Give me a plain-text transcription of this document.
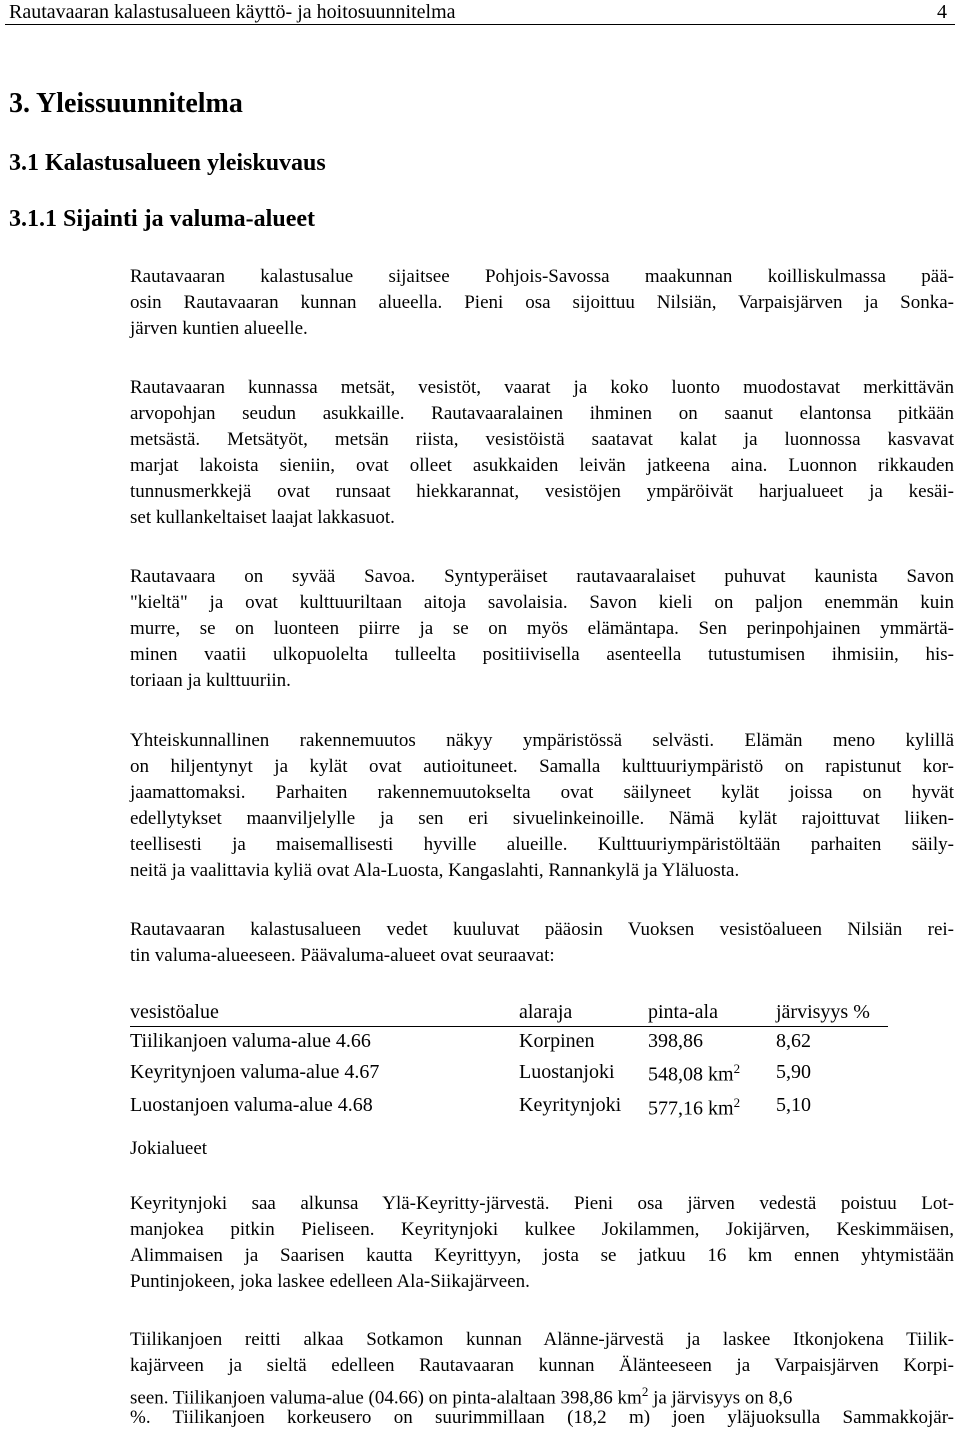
Rautavaaran kalastusalueen käyttö- ja hoitosuunnitelma	4
3. Yleissuunnitelma
3.1 Kalastusalueen yleiskuvaus
3.1.1 Sijainti ja valuma-alueet
Rautavaaran kalastusalue sijaitsee Pohjois-Savossa maakunnan koilliskulmassa pää-
osin Rautavaaran kunnan alueella. Pieni osa sijoittuu Nilsiän, Varpaisjärven ja Sonka-
järven kuntien alueelle.
Rautavaaran kunnassa metsät, vesistöt, vaarat ja koko luonto muodostavat merkittävän
arvopohjan seudun asukkaille. Rautavaaralainen ihminen on saanut elantonsa pitkään
metsästä. Metsätyöt, metsän riista, vesistöistä saatavat kalat ja luonnossa kasvavat
marjat lakoista sieniin, ovat olleet asukkaiden leivän jatkeena aina. Luonnon rikkauden
tunnusmerkkejä ovat runsaat hiekkarannat, vesistöjen ympäröivät harjualueet ja kesäi-
set kullankeltaiset laajat lakkasuot.
Rautavaara on syvää Savoa. Syntyperäiset rautavaaralaiset puhuvat kaunista Savon
"kieltä" ja ovat kulttuuriltaan aitoja savolaisia. Savon kieli on paljon enemmän kuin
murre, se on luonteen piirre ja se on myös elämäntapa. Sen perinpohjainen ymmärtä-
minen vaatii ulkopuolelta tulleelta positiivisella asenteella tutustumisen ihmisiin, his-
toriaan ja kulttuuriin.
Yhteiskunnallinen rakennemuutos näkyy ympäristössä selvästi. Elämän meno kylillä
on hiljentynyt ja kylät ovat autioituneet. Samalla kulttuuriympäristö on rapistunut kor-
jaamattomaksi. Parhaiten rakennemuutokselta ovat säilyneet kylät joissa on hyvät
edellytykset maanviljelylle ja sen eri sivuelinkeinoille. Nämä kylät rajoittuvat liiken-
teellisesti ja maisemallisesti hyville alueille. Kulttuuriympäristöltään parhaiten säily-
neitä ja vaalittavia kyliä ovat Ala-Luosta, Kangaslahti, Rannankylä ja Yläluosta.
Rautavaaran kalastusalueen vedet kuuluvat pääosin Vuoksen vesistöalueen Nilsiän rei-
tin valuma-alueeseen. Päävaluma-alueet ovat seuraavat:
vesistöalue	alaraja	pinta-ala	järvisyys %
Tiilikanjoen valuma-alue 4.66	Korpinen	398,86	8,62
Keyritynjoen valuma-alue 4.67	Luostanjoki	548,08 $km^2$	5,90
Luostanjoen valuma-alue 4.68	Keyritynjoki	577,16 $km^2$	5,10
Jokialueet
Keyritynjoki saa alkunsa Ylä-Keyritty-järvestä. Pieni osa järven vedestä poistuu Lot-
manjokea pitkin Pieliseen. Keyritynjoki kulkee Jokilammen, Jokijärven, Keskimmäisen,
Alimmaisen ja Saarisen kautta Keyrittyyn, josta se jatkuu 16 km ennen yhtymistään
Puntinjokeen, joka laskee edelleen Ala-Siikajärveen.
Tiilikanjoen reitti alkaa Sotkamon kunnan Alänne-järvestä ja laskee Itkonjokena Tiilik-
kajärveen ja sieltä edelleen Rautavaaran kunnan Älänteeseen ja Varpaisjärven Korpi-
seen. Tiilikanjoen valuma-alue (04.66) on pinta-alaltaan 398,86 $km^2$ ja järvisyys on 8,6
%. Tiilikanjoen korkeusero on suurimmillaan (18,2 m) joen yläjuoksulla Sammakkojär-
